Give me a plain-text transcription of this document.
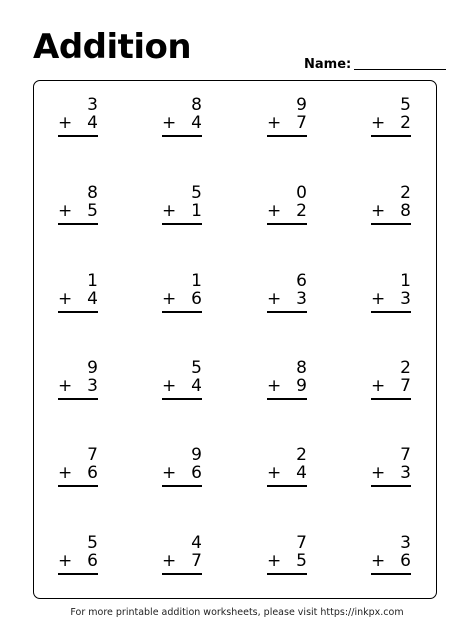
Addition	Name:
3
+ 4
8
+ 4
9
+ 7
5
+ 2
8
+ 5
5
+ 1
0
+ 2
2
+ 8
1
+ 4
1
+ 6
6
+ 3
1
+ 3
9
+ 3
5
+ 4
8
+ 9
2
+ 7
7
+ 6
9
+ 6
2
+ 4
7
+ 3
5
+ 6
4
+ 7
7
+ 5
3
+ 6
For more printable addition worksheets, please visit https://inkpx.com
